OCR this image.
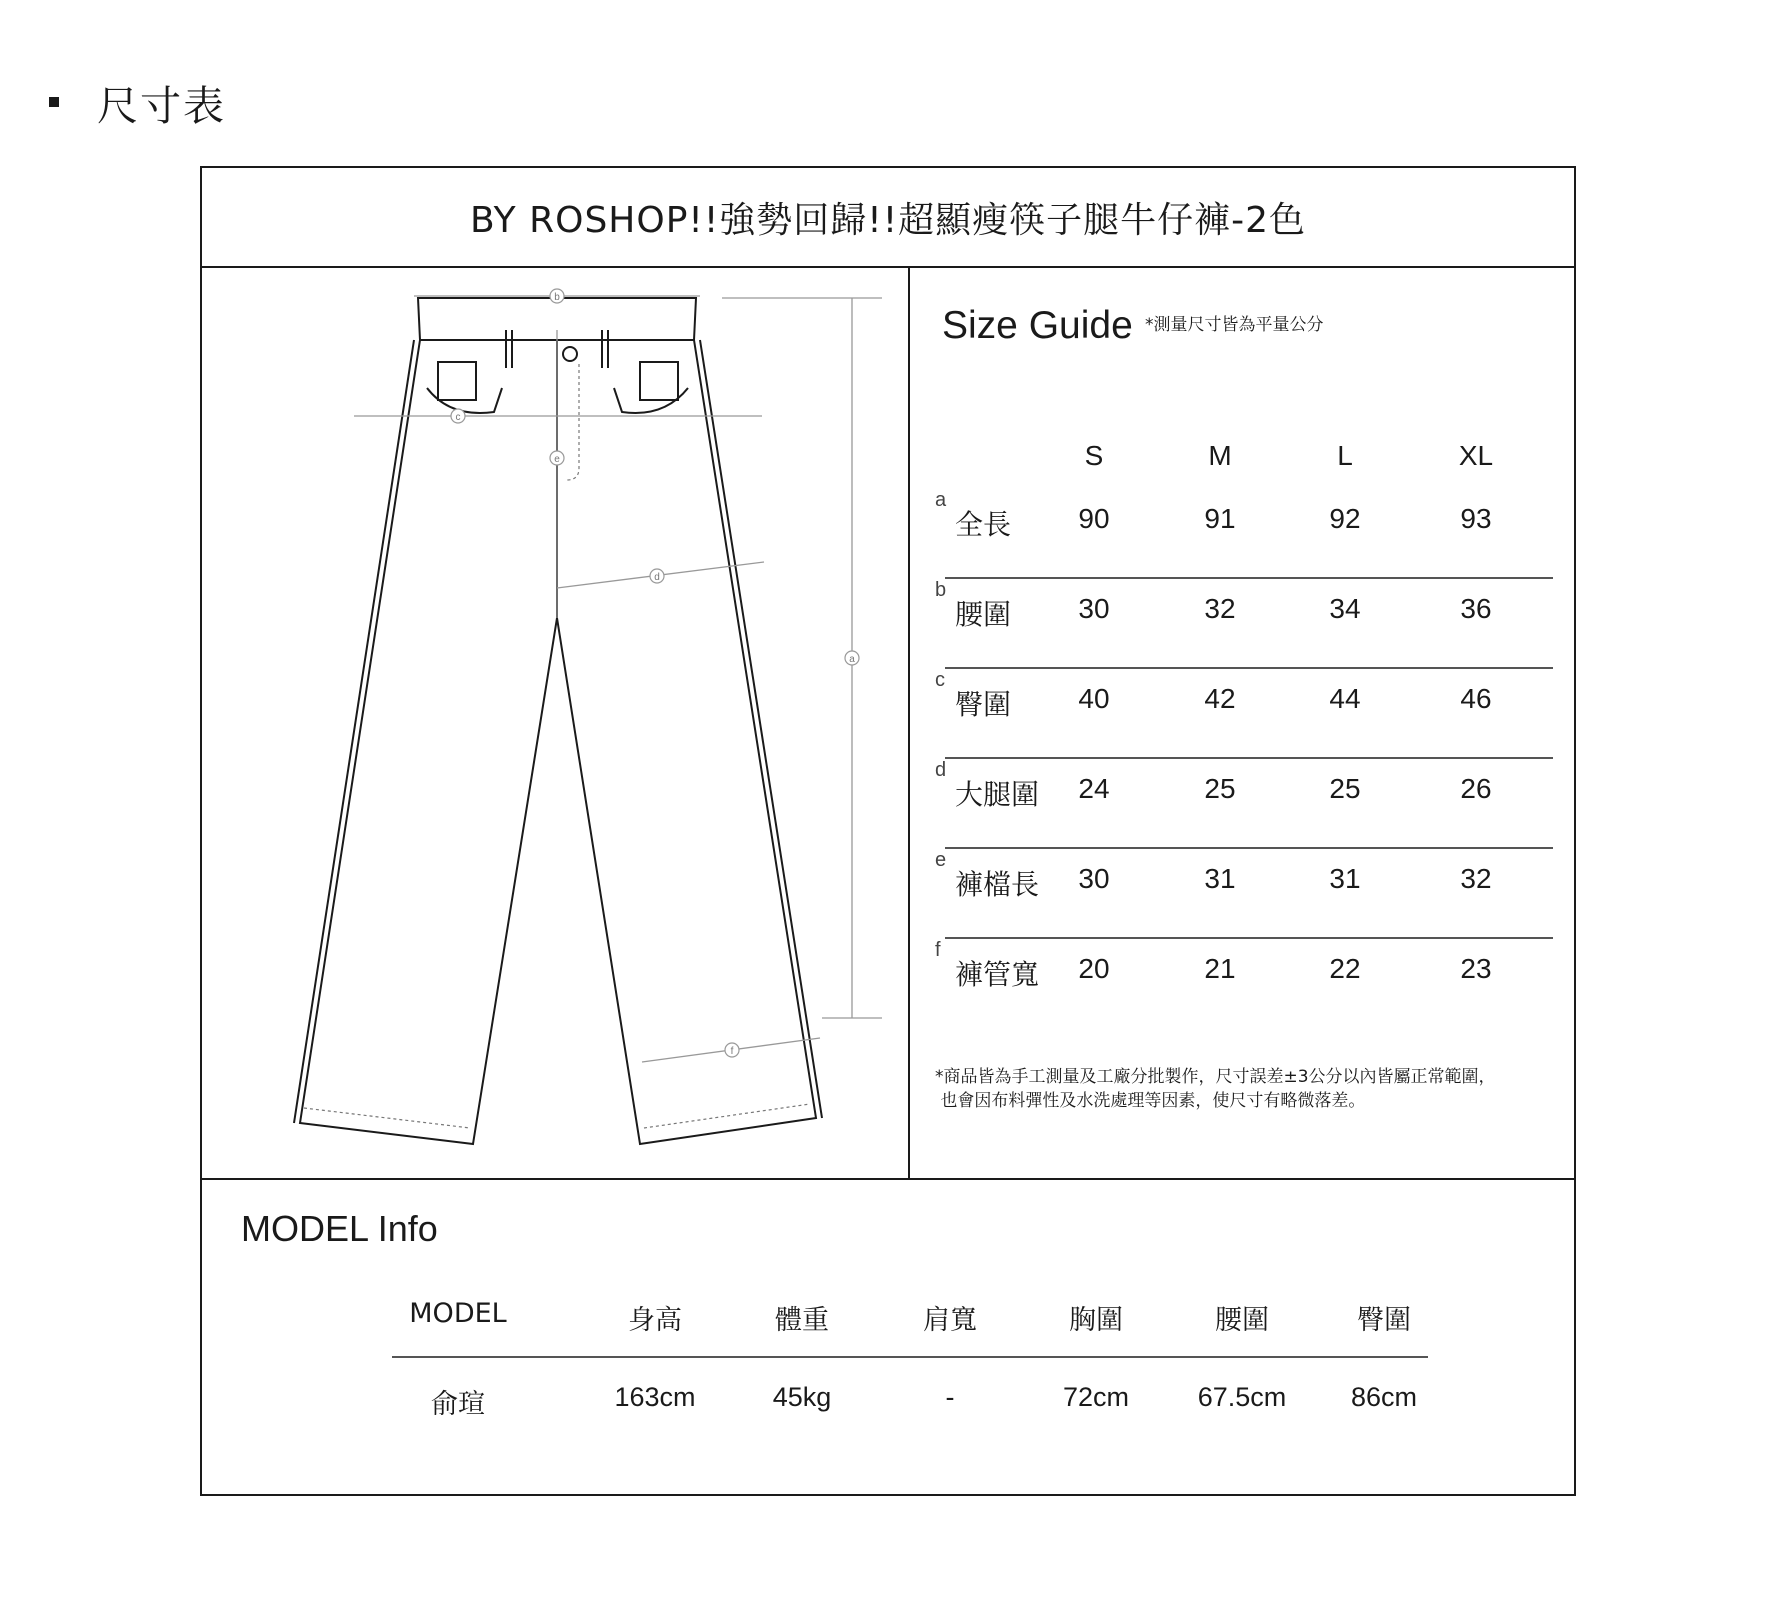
尺寸表
BY ROSHOP!!強勢回歸!!超顯瘦筷子腿牛仔褲-2色
b
c
e
d
a
f
Size Guide *測量尺寸皆為平量公分
S	M	L	XL
a
全長	90	91	92	93
b
腰圍	30	32	34	36
c
臀圍	40	42	44	46
d
大腿圍	24	25	25	26
e
褲檔長	30	31	31	32
f
褲管寬	20	21	22	23
*商品皆為手工測量及工廠分批製作，尺寸誤差±3公分以內皆屬正常範圍，
也會因布料彈性及水洗處理等因素，使尺寸有略微落差。
MODEL Info
MODEL	身高	體重	肩寬	胸圍	腰圍	臀圍
俞瑄	163cm	45kg	-	72cm	67.5cm	86cm
